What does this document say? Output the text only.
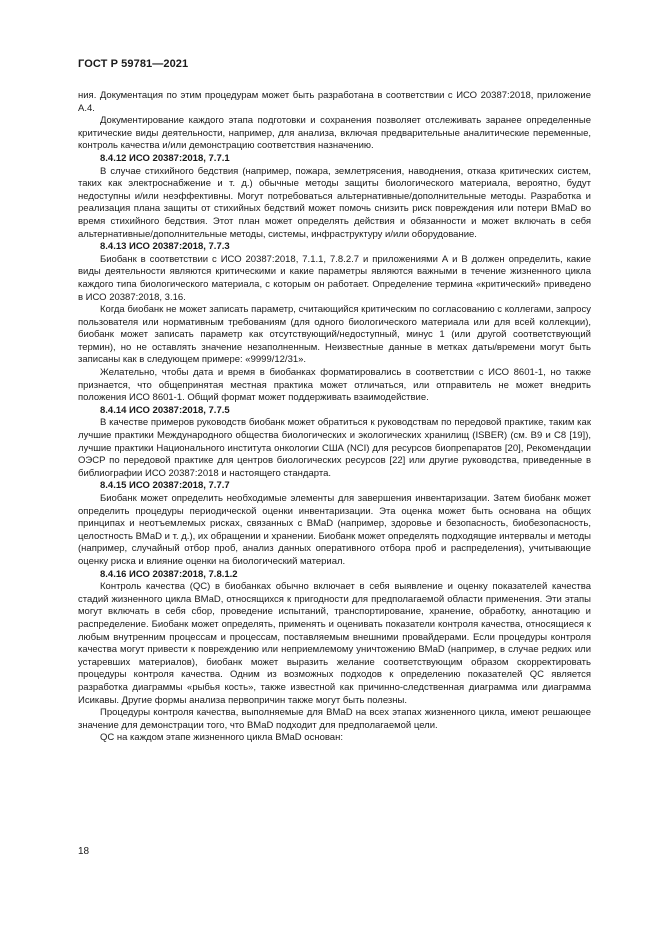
ГОСТ Р 59781—2021

ния. Документация по этим процедурам может быть разработана в соответствии с ИСО 20387:2018, приложение А.4.

Документирование каждого этапа подготовки и сохранения позволяет отслеживать заранее определенные критические виды деятельности, например, для анализа, включая предварительные аналитические переменные, контроль качества и/или демонстрацию соответствия назначению.

8.4.12 ИСО 20387:2018, 7.7.1

В случае стихийного бедствия (например, пожара, землетрясения, наводнения, отказа критических систем, таких как электроснабжение и т. д.) обычные методы защиты биологического материала, вероятно, будут недоступны и/или неэффективны. Могут потребоваться альтернативные/дополнительные методы. Разработка и реализация плана защиты от стихийных бедствий может помочь снизить риск повреждения или потери BMaD во время стихийного бедствия. Этот план может определять действия и обязанности и может включать в себя альтернативные/дополнительные методы, системы, инфраструктуру и/или оборудование.

8.4.13 ИСО 20387:2018, 7.7.3

Биобанк в соответствии с ИСО 20387:2018, 7.1.1, 7.8.2.7 и приложениями А и В должен определить, какие виды деятельности являются критическими и какие параметры являются важными в течение жизненного цикла каждого типа биологического материала, с которым он работает. Определение термина «критический» приведено в ИСО 20387:2018, 3.16.

Когда биобанк не может записать параметр, считающийся критическим по согласованию с коллегами, запросу пользователя или нормативным требованиям (для одного биологического материала или для всей коллекции), биобанк может записать параметр как отсутствующий/недоступный, минус 1 (или другой соответствующий термин), но не оставлять значение незаполненным. Неизвестные данные в метках даты/времени могут быть записаны как в следующем примере: «9999/12/31».

Желательно, чтобы дата и время в биобанках форматировались в соответствии с ИСО 8601-1, но также признается, что общепринятая местная практика может отличаться, или отправитель не может внедрить положения ИСО 8601-1. Общий формат может поддерживать взаимодействие.

8.4.14 ИСО 20387:2018, 7.7.5

В качестве примеров руководств биобанк может обратиться к руководствам по передовой практике, таким как лучшие практики Международного общества биологических и экологических хранилищ (ISBER) (см. B9 и C8 [19]), лучшие практики Национального института онкологии США (NCI) для ресурсов биопрепаратов [20], Рекомендации ОЭСР по передовой практике для центров биологических ресурсов [22] или другие руководства, приведенные в библиографии ИСО 20387:2018 и настоящего стандарта.

8.4.15 ИСО 20387:2018, 7.7.7

Биобанк может определить необходимые элементы для завершения инвентаризации. Затем биобанк может определить процедуры периодической оценки инвентаризации. Эта оценка может быть основана на общих принципах и неотъемлемых рисках, связанных с BMaD (например, здоровье и безопасность, биобезопасность, целостность BMaD и т. д.), их обращении и хранении. Биобанк может определять подходящие интервалы и методы (например, случайный отбор проб, анализ данных оперативного отбора проб и распределения), учитывающие оценку риска и влияние оценки на биологический материал.

8.4.16 ИСО 20387:2018, 7.8.1.2

Контроль качества (QC) в биобанках обычно включает в себя выявление и оценку показателей качества стадий жизненного цикла BMaD, относящихся к пригодности для предполагаемой области применения. Эти этапы могут включать в себя сбор, проведение испытаний, транспортирование, хранение, обработку, аннотацию и распределение. Биобанк может определять, применять и оценивать показатели контроля качества, относящиеся к любым внутренним процессам и процессам, поставляемым внешними провайдерами. Если процедуры контроля качества могут привести к повреждению или неприемлемому уничтожению BMaD (например, в случае редких или устаревших материалов), биобанк может выразить желание соответствующим образом скорректировать процедуры контроля качества. Одним из возможных подходов к определению показателей QC является разработка диаграммы «рыбья кость», также известной как причинно-следственная диаграмма или диаграмма Исикавы. Другие формы анализа первопричин также могут быть полезны.

Процедуры контроля качества, выполняемые для BMaD на всех этапах жизненного цикла, имеют решающее значение для демонстрации того, что BMaD подходит для предполагаемой цели.

QC на каждом этапе жизненного цикла BMaD основан:

18
